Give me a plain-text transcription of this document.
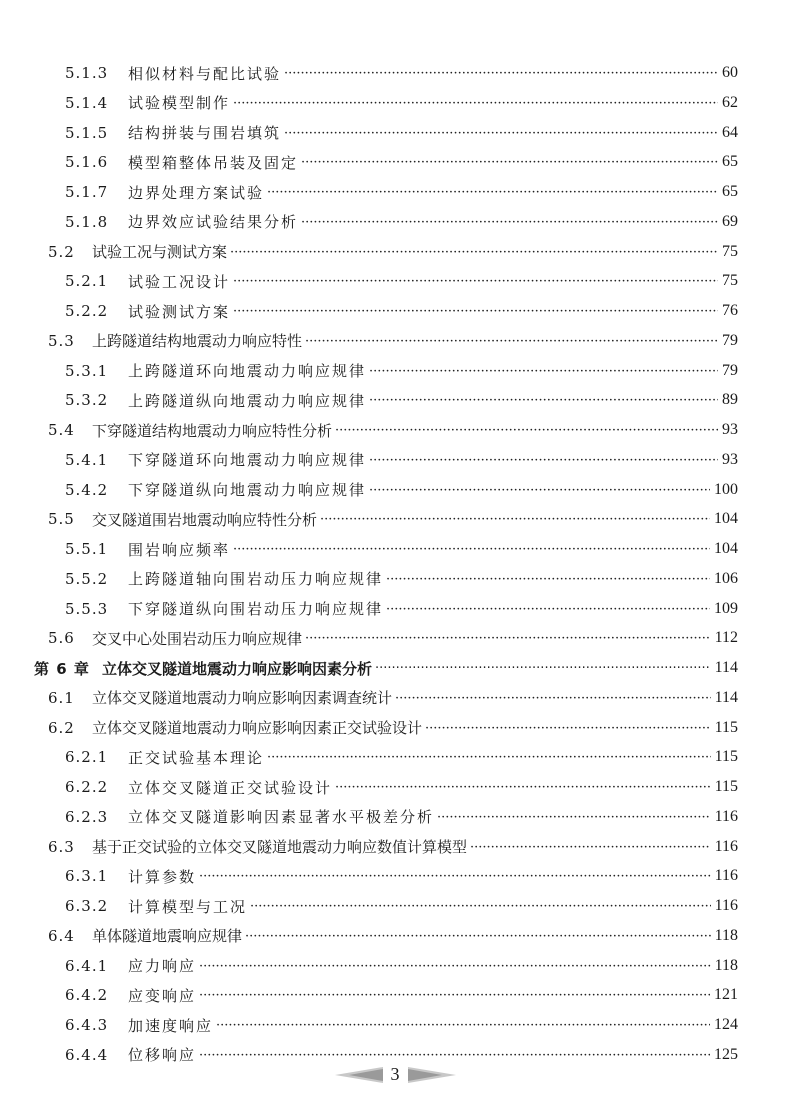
5.1.3	相似材料与配比试验 ·····	60
5.1.4	试验模型制作 ·····	62
5.1.5	结构拼装与围岩填筑 ·····	64
5.1.6	模型箱整体吊装及固定 ·····	65
5.1.7	边界处理方案试验 ·····	65
5.1.8	边界效应试验结果分析 ·····	69
5.2	试验工况与测试方案 ·····	75
5.2.1	试验工况设计 ·····	75
5.2.2	试验测试方案 ·····	76
5.3	上跨隧道结构地震动力响应特性 ·····	79
5.3.1	上跨隧道环向地震动力响应规律 ·····	79
5.3.2	上跨隧道纵向地震动力响应规律 ·····	89
5.4	下穿隧道结构地震动力响应特性分析 ·····	93
5.4.1	下穿隧道环向地震动力响应规律 ·····	93
5.4.2	下穿隧道纵向地震动力响应规律 ·····	100
5.5	交叉隧道围岩地震动响应特性分析 ·····	104
5.5.1	围岩响应频率 ·····	104
5.5.2	上跨隧道轴向围岩动压力响应规律 ·····	106
5.5.3	下穿隧道纵向围岩动压力响应规律 ·····	109
5.6	交叉中心处围岩动压力响应规律 ·····	112
第 6 章 立体交叉隧道地震动力响应影响因素分析 ·····	114
6.1	立体交叉隧道地震动力响应影响因素调查统计 ·····	114
6.2	立体交叉隧道地震动力响应影响因素正交试验设计 ·····	115
6.2.1	正交试验基本理论 ·····	115
6.2.2	立体交叉隧道正交试验设计 ·····	115
6.2.3	立体交叉隧道影响因素显著水平极差分析 ·····	116
6.3	基于正交试验的立体交叉隧道地震动力响应数值计算模型 ·····	116
6.3.1	计算参数 ·····	116
6.3.2	计算模型与工况 ·····	116
6.4	单体隧道地震响应规律 ·····	118
6.4.1	应力响应 ·····	118
6.4.2	应变响应 ·····	121
6.4.3	加速度响应 ·····	124
6.4.4	位移响应 ·····	125
3
